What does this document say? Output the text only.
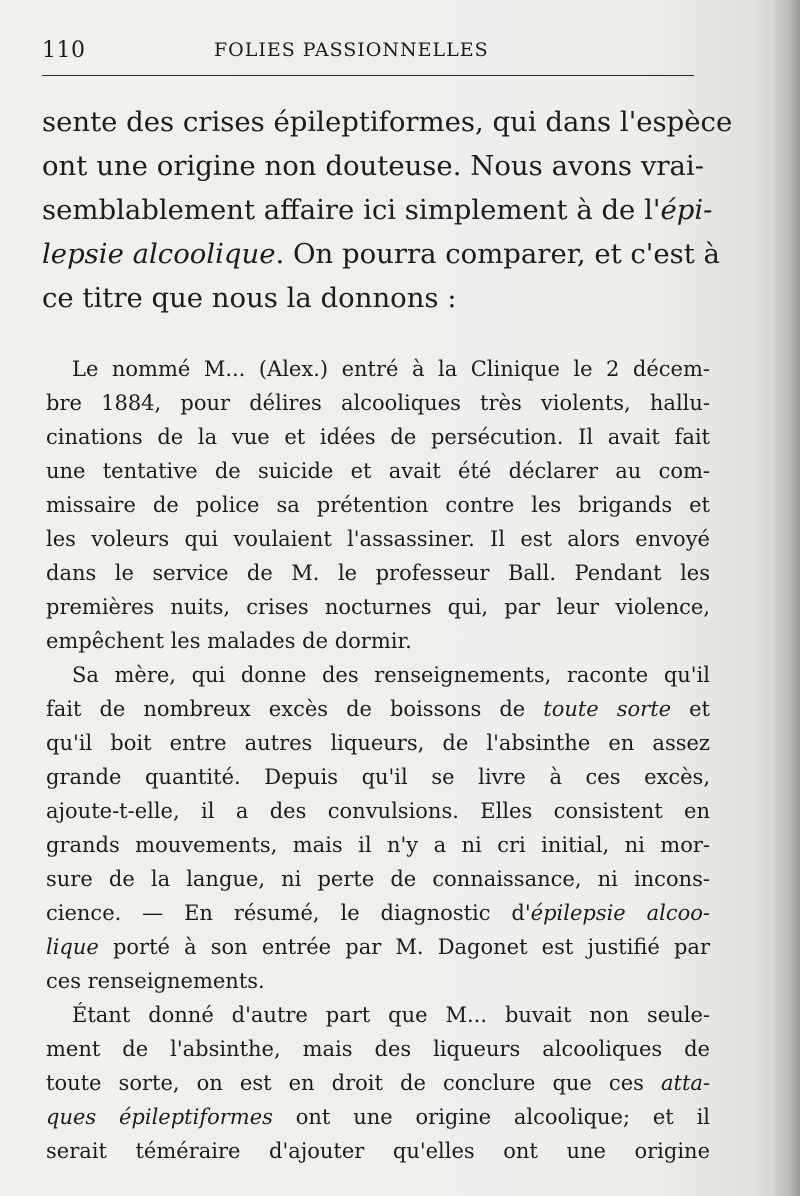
110	FOLIES PASSIONNELLES
sente des crises épileptiformes, qui dans l'espèce
ont une origine non douteuse. Nous avons vrai-
semblablement affaire ici simplement à de l'épi-
lepsie alcoolique. On pourra comparer, et c'est à
ce titre que nous la donnons :
Le nommé M... (Alex.) entré à la Clinique le 2 décem-
bre 1884, pour délires alcooliques très violents, hallu-
cinations de la vue et idées de persécution. Il avait fait
une tentative de suicide et avait été déclarer au com-
missaire de police sa prétention contre les brigands et
les voleurs qui voulaient l'assassiner. Il est alors envoyé
dans le service de M. le professeur Ball. Pendant les
premières nuits, crises nocturnes qui, par leur violence,
empêchent les malades de dormir.
Sa mère, qui donne des renseignements, raconte qu'il
fait de nombreux excès de boissons de toute sorte et
qu'il boit entre autres liqueurs, de l'absinthe en assez
grande quantité. Depuis qu'il se livre à ces excès,
ajoute-t-elle, il a des convulsions. Elles consistent en
grands mouvements, mais il n'y a ni cri initial, ni mor-
sure de la langue, ni perte de connaissance, ni incons-
cience. — En résumé, le diagnostic d'épilepsie alcoo-
lique porté à son entrée par M. Dagonet est justifié par
ces renseignements.
Étant donné d'autre part que M... buvait non seule-
ment de l'absinthe, mais des liqueurs alcooliques de
toute sorte, on est en droit de conclure que ces atta-
ques épileptiformes ont une origine alcoolique; et il
serait téméraire d'ajouter qu'elles ont une origine
